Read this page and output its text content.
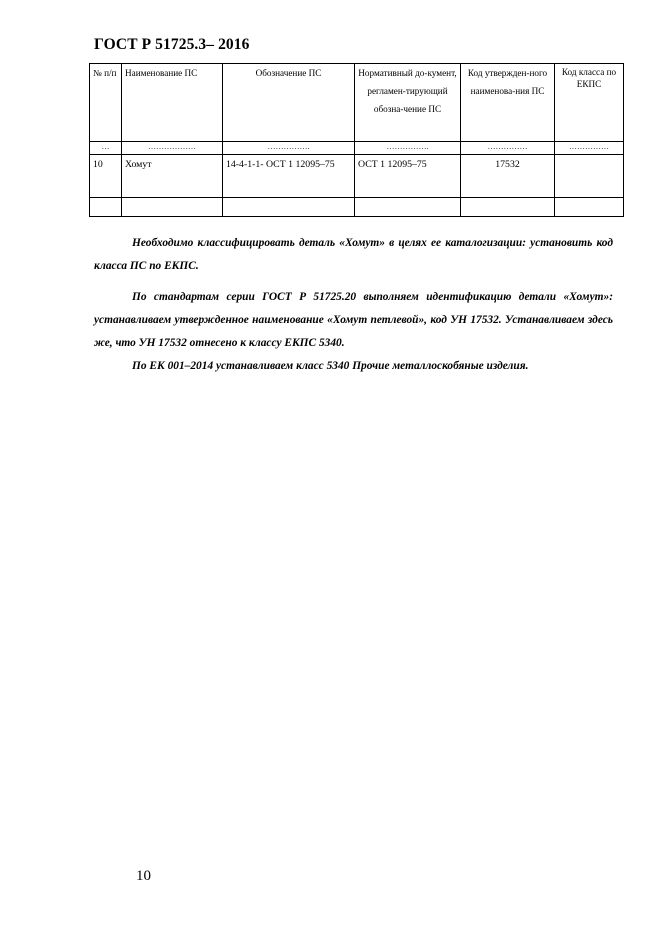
ГОСТ Р 51725.3– 2016
№ п/п	Наименование ПС	Обозначение ПС	Нормативный до-кумент, регламен-тирующий обозна-чение ПС	Код утвержден-ного наименова-ния ПС	Код класса по ЕКПС
…	………………	…………….	…………….	……………	……………
10	Хомут	14-4-1-1- ОСТ 1 12095–75	ОСТ 1 12095–75	17532	

Необходимо классифицировать деталь «Хомут» в целях ее каталогизации: установить код класса ПС по ЕКПС.

По стандартам серии ГОСТ Р 51725.20 выполняем идентификацию детали «Хомут»: устанавливаем утвержденное наименование «Хомут петлевой», код УН 17532. Устанавливаем здесь же, что УН 17532 отнесено к классу ЕКПС 5340.

По ЕК 001–2014 устанавливаем класс 5340 Прочие металлоскобяные изделия.

10
